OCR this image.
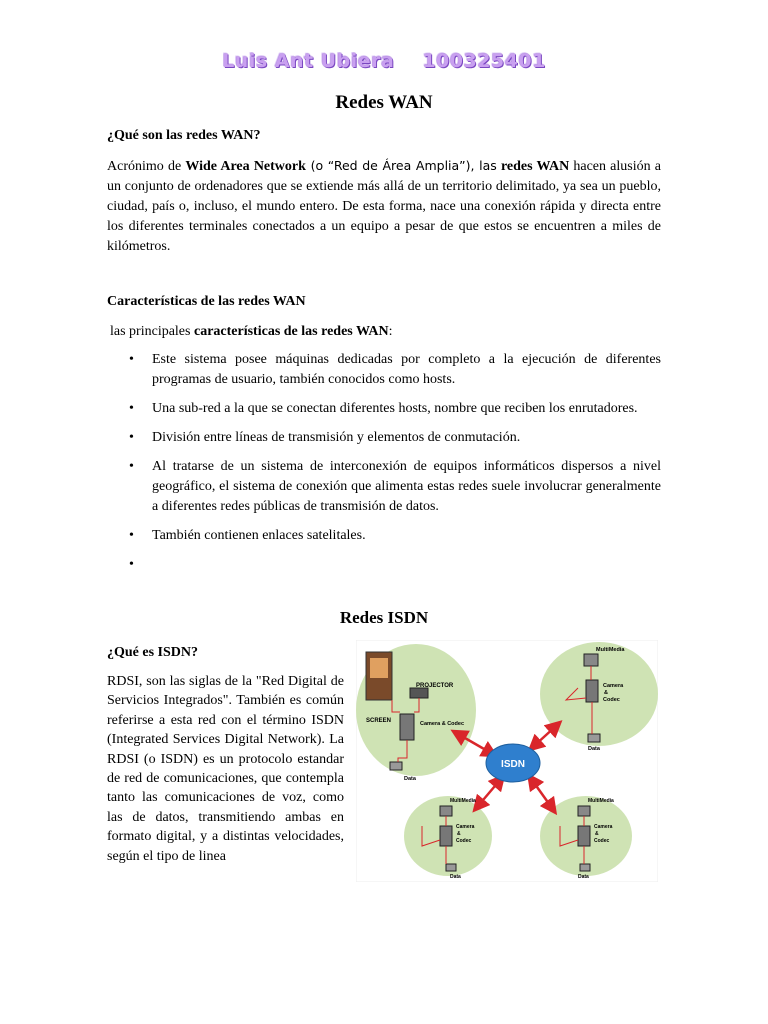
Luis Ant Ubiera 100325401
Redes WAN
¿Qué son las redes WAN?
Acrónimo de Wide Area Network (o “Red de Área Amplia”), las redes WAN hacen alusión a un conjunto de ordenadores que se extiende más allá de un territorio delimitado, ya sea un pueblo, ciudad, país o, incluso, el mundo entero. De esta forma, nace una conexión rápida y directa entre los diferentes terminales conectados a un equipo a pesar de que estos se encuentren a miles de kilómetros.
Características de las redes WAN
las principales características de las redes WAN:
• Este sistema posee máquinas dedicadas por completo a la ejecución de diferentes programas de usuario, también conocidos como hosts.
• Una sub-red a la que se conectan diferentes hosts, nombre que reciben los enrutadores.
• División entre líneas de transmisión y elementos de conmutación.
• Al tratarse de un sistema de interconexión de equipos informáticos dispersos a nivel geográfico, el sistema de conexión que alimenta estas redes suele involucrar generalmente a diferentes redes públicas de transmisión de datos.
• También contienen enlaces satelitales.
•
Redes ISDN
¿Qué es ISDN?
RDSI, son las siglas de la "Red Digital de Servicios Integrados". También es común referirse a esta red con el término ISDN (Integrated Services Digital Network). La RDSI (o ISDN) es un protocolo estandar de red de comunicaciones, que contempla tanto las comunicaciones de voz, como las de datos, transmitiendo ambas en formato digital, y a distintas velocidades, según el tipo de linea
ISDN
PROJECTOR
SCREEN	Camera & Codec
Data
MultiMedia
Camera
&
Codec
Data
MultiMedia
Camera
&
Codec
Data
MultiMedia
Camera
&
Codec
Data
